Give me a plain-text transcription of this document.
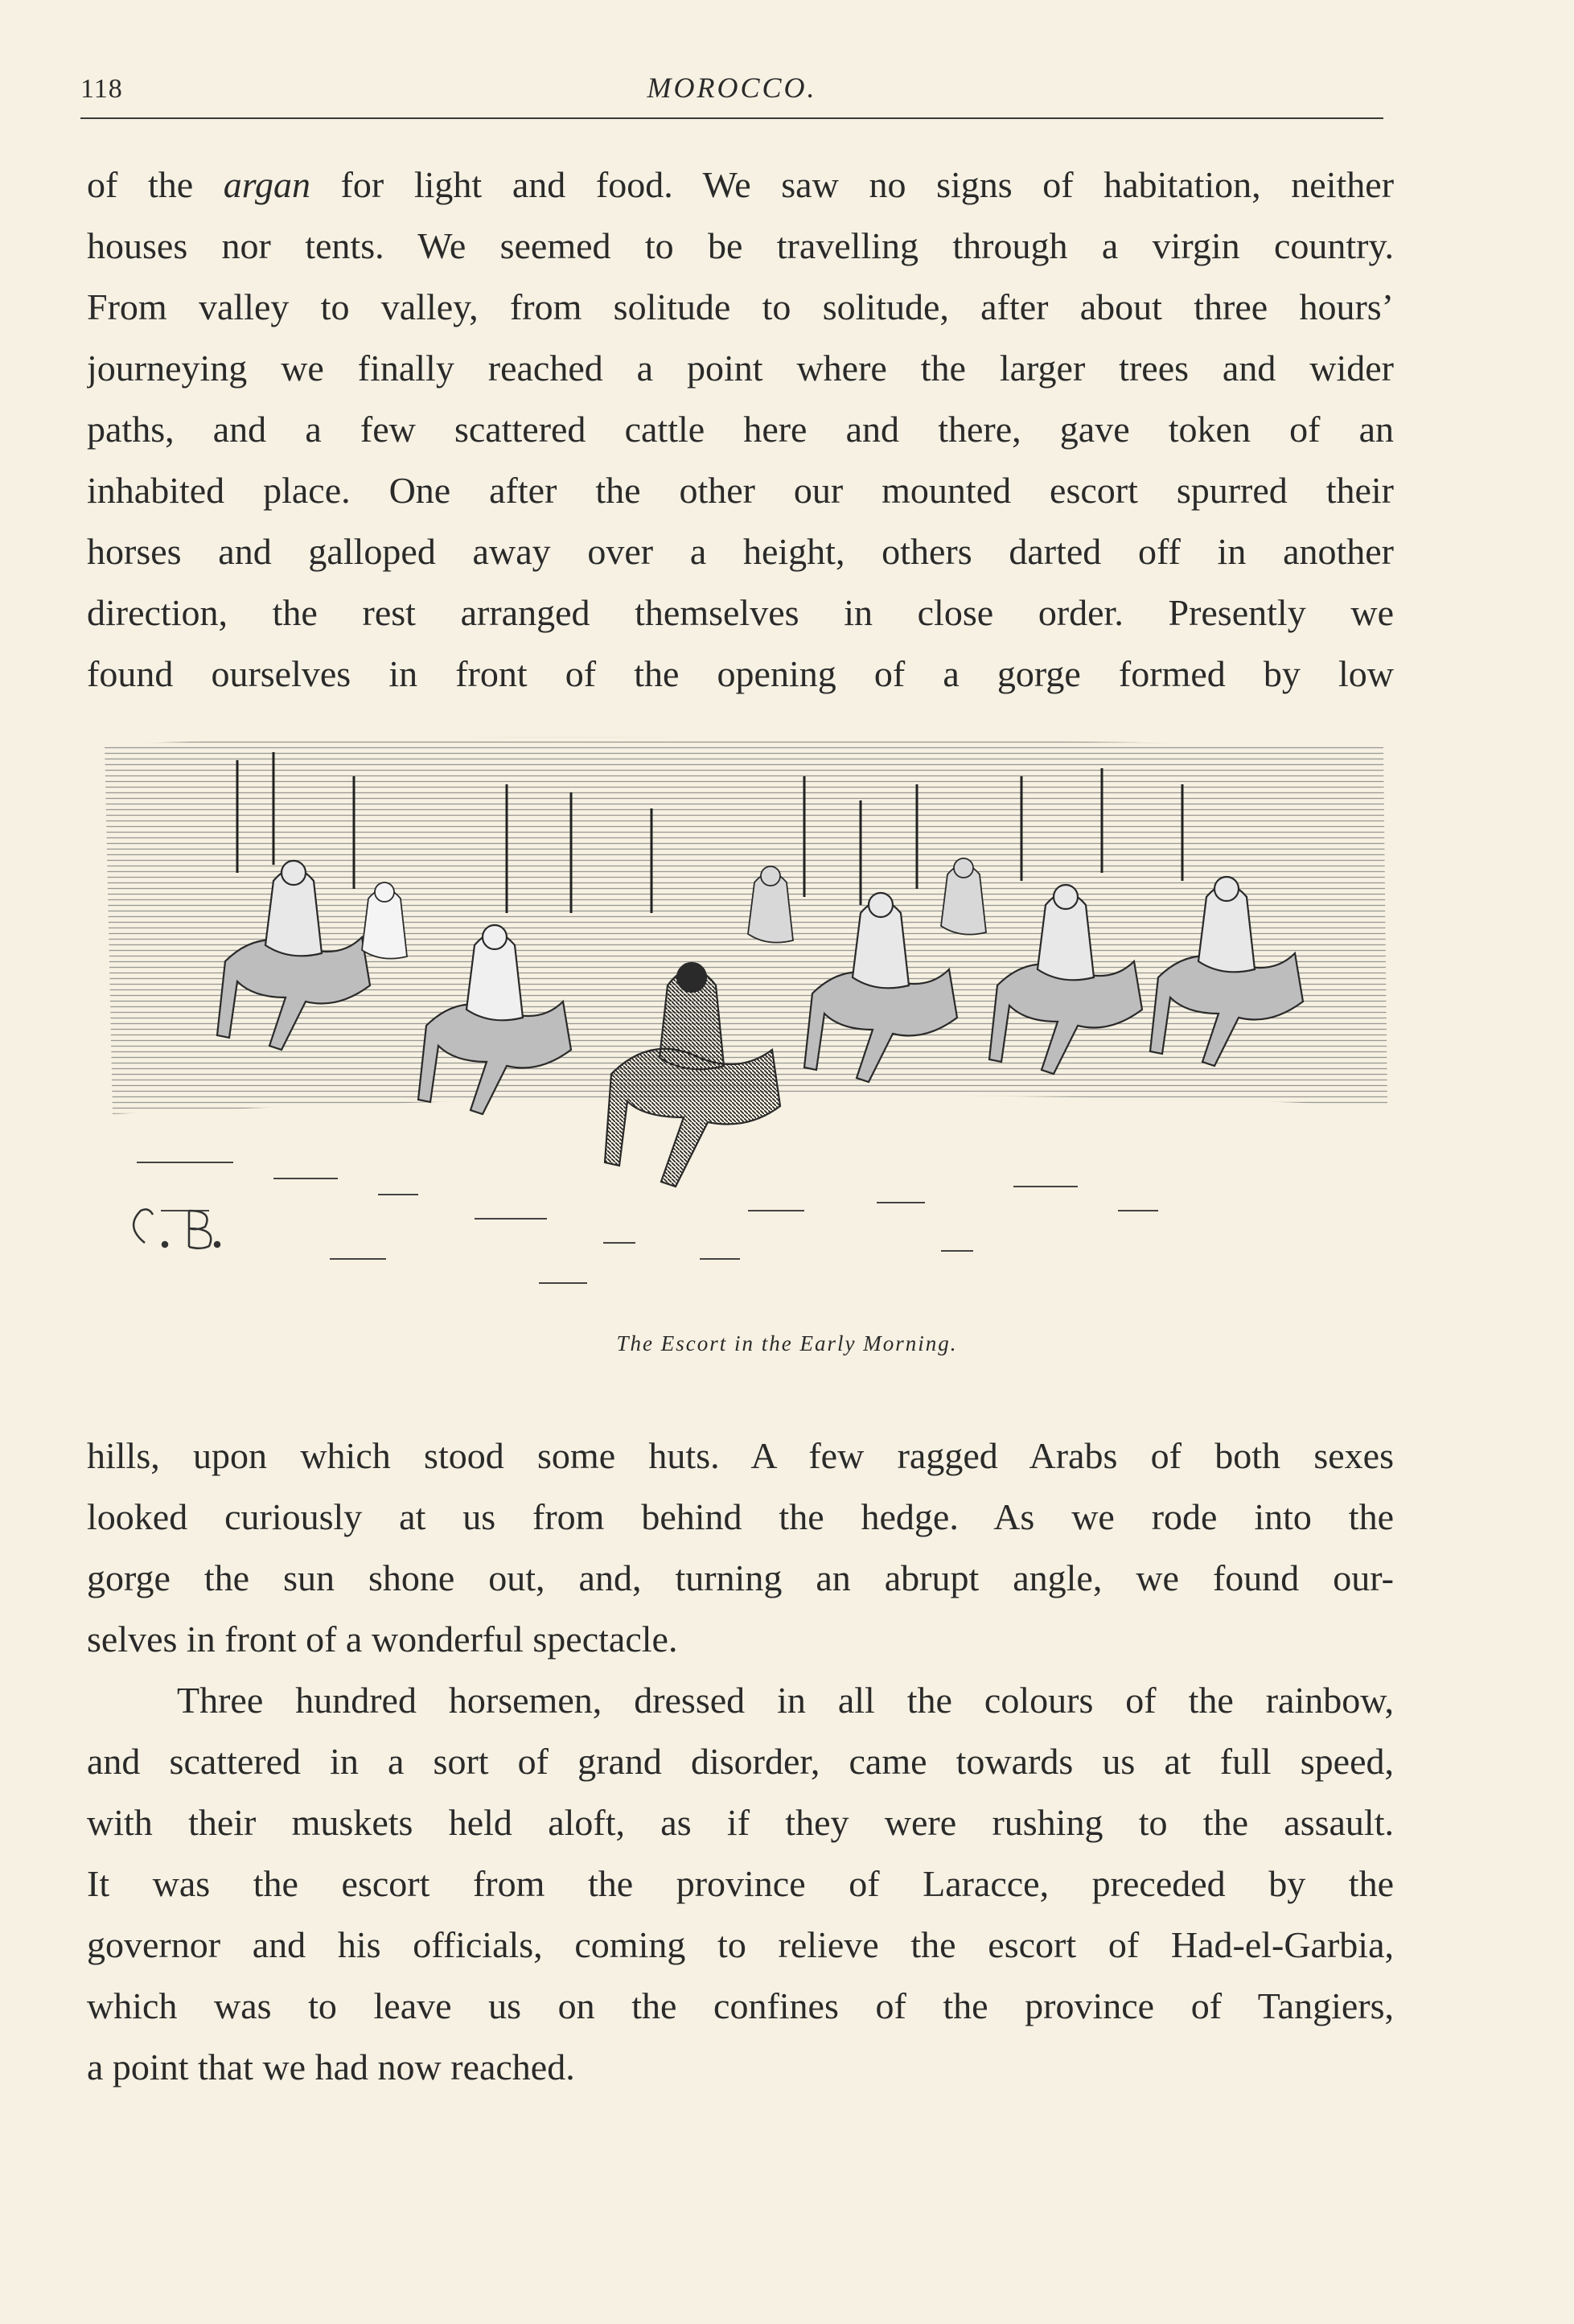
118	MOROCCO.
of the argan for light and food. We saw no signs of habitation, neither
houses nor tents. We seemed to be travelling through a virgin country.
From valley to valley, from solitude to solitude, after about three hours’
journeying we finally reached a point where the larger trees and wider
paths, and a few scattered cattle here and there, gave token of an
inhabited place. One after the other our mounted escort spurred their
horses and galloped away over a height, others darted off in another
direction, the rest arranged themselves in close order. Presently we
found ourselves in front of the opening of a gorge formed by low
The Escort in the Early Morning.
hills, upon which stood some huts. A few ragged Arabs of both sexes
looked curiously at us from behind the hedge. As we rode into the
gorge the sun shone out, and, turning an abrupt angle, we found our-
selves in front of a wonderful spectacle.
Three hundred horsemen, dressed in all the colours of the rainbow,
and scattered in a sort of grand disorder, came towards us at full speed,
with their muskets held aloft, as if they were rushing to the assault.
It was the escort from the province of Laracce, preceded by the
governor and his officials, coming to relieve the escort of Had-el-Garbia,
which was to leave us on the confines of the province of Tangiers,
a point that we had now reached.
